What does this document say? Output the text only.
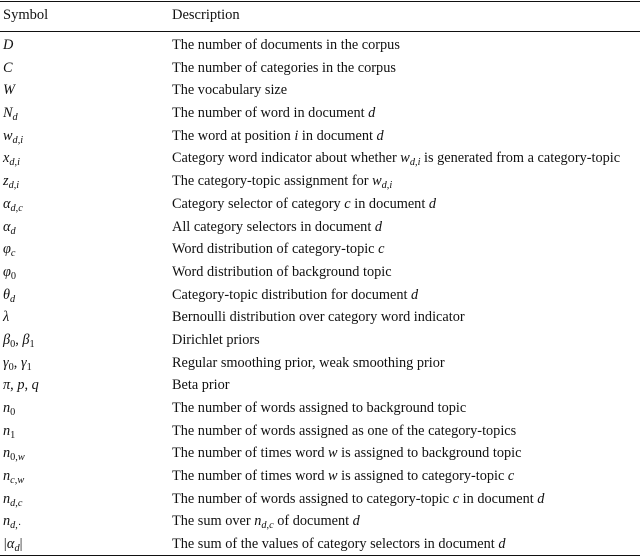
Symbol	Description
D	The number of documents in the corpus
C	The number of categories in the corpus
W	The vocabulary size
$N_d$	The number of word in document d
$w_{d,i}$	The word at position i in document d
$x_{d,i}$	Category word indicator about whether $w_{d,i}$ is generated from a category-topic
$z_{d,i}$	The category-topic assignment for $w_{d,i}$
$\alpha_{d,c}$	Category selector of category c in document d
$\alpha_d$	All category selectors in document d
$\varphi_c$	Word distribution of category-topic c
$\varphi_0$	Word distribution of background topic
$\theta_d$	Category-topic distribution for document d
λ	Bernoulli distribution over category word indicator
$\beta_0$, $\beta_1$	Dirichlet priors
$\gamma_0$, $\gamma_1$	Regular smoothing prior, weak smoothing prior
π, p, q	Beta prior
$n_0$	The number of words assigned to background topic
$n_1$	The number of words assigned as one of the category-topics
$n_{0,w}$	The number of times word w is assigned to background topic
$n_{c,w}$	The number of times word w is assigned to category-topic c
$n_{d,c}$	The number of words assigned to category-topic c in document d
$n_{d,\cdot}$	The sum over $n_{d,c}$ of document d
$|\alpha_d|$	The sum of the values of category selectors in document d
